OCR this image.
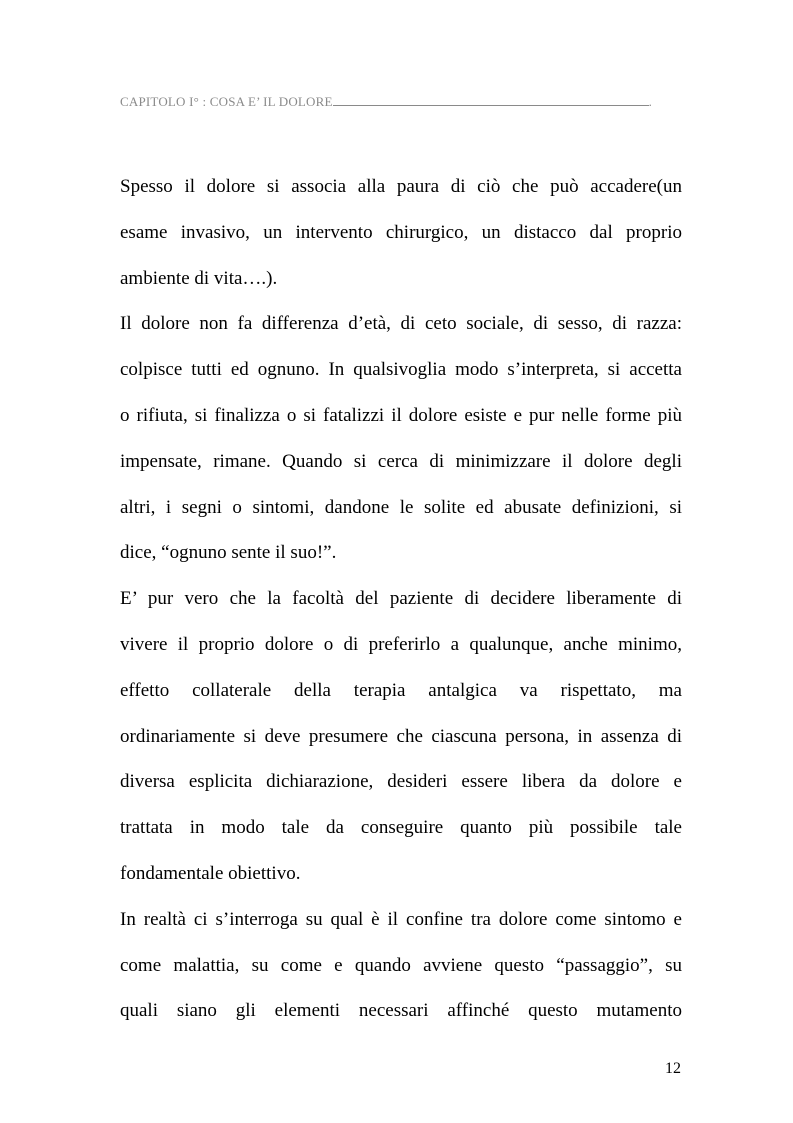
CAPITOLO I° : COSA E’ IL DOLORE	.
Spesso il dolore si associa alla paura di ciò che può accadere(un
esame invasivo, un intervento chirurgico, un distacco dal proprio
ambiente di vita….).
Il dolore non fa differenza d’età, di ceto sociale, di sesso, di razza:
colpisce tutti ed ognuno. In qualsivoglia modo s’interpreta, si accetta
o rifiuta, si finalizza o si fatalizzi il dolore esiste e pur nelle forme più
impensate, rimane. Quando si cerca di minimizzare il dolore degli
altri, i segni o sintomi, dandone le solite ed abusate definizioni, si
dice, “ognuno sente il suo!”.
E’ pur vero che la facoltà del paziente di decidere liberamente di
vivere il proprio dolore o di preferirlo a qualunque, anche minimo,
effetto collaterale della terapia antalgica va rispettato, ma
ordinariamente si deve presumere che ciascuna persona, in assenza di
diversa esplicita dichiarazione, desideri essere libera da dolore e
trattata in modo tale da conseguire quanto più possibile tale
fondamentale obiettivo.
In realtà ci s’interroga su qual è il confine tra dolore come sintomo e
come malattia, su come e quando avviene questo “passaggio”, su
quali siano gli elementi necessari affinché questo mutamento
12
